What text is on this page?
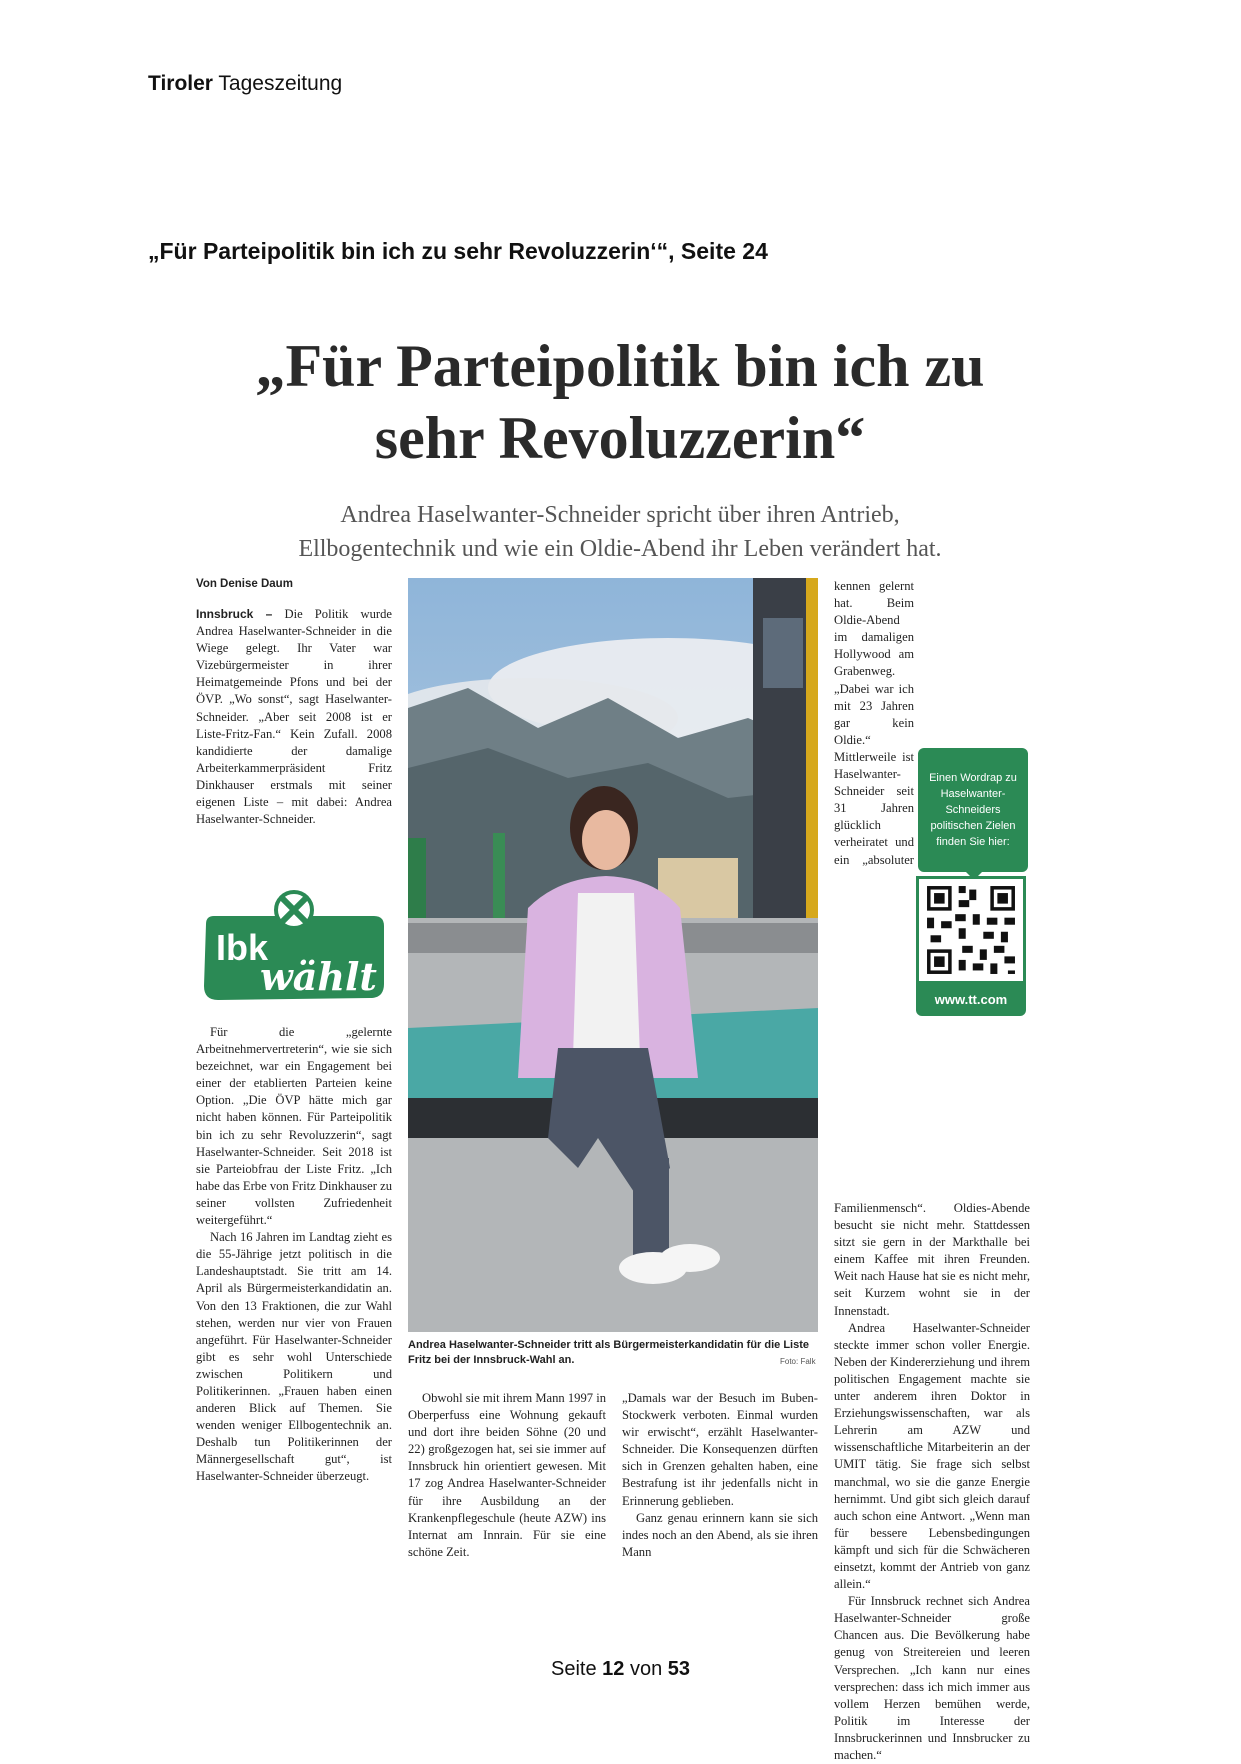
Tiroler Tageszeitung
„Für Parteipolitik bin ich zu sehr Revoluzzerin‘“, Seite 24
„Für Parteipolitik bin ich zu
sehr Revoluzzerin“
Andrea Haselwanter-Schneider spricht über ihren Antrieb,
Ellbogentechnik und wie ein Oldie-Abend ihr Leben verändert hat.
Von Denise Daum

Innsbruck – Die Politik wurde Andrea Haselwanter-Schneider in die Wiege gelegt. Ihr Vater war Vizebürgermeister in ihrer Heimatgemeinde Pfons und bei der ÖVP. „Wo sonst“, sagt Haselwanter-Schneider. „Aber seit 2008 ist er Liste-Fritz-Fan.“ Kein Zufall. 2008 kandidierte der damalige Arbeiterkammerpräsident Fritz Dinkhauser erstmals mit seiner eigenen Liste – mit dabei: Andrea Haselwanter-Schneider.

Ibk
wählt

Für die „gelernte Arbeitnehmervertreterin“, wie sie sich bezeichnet, war ein Engagement bei einer der etablierten Parteien keine Option. „Die ÖVP hätte mich gar nicht haben können. Für Parteipolitik bin ich zu sehr Revoluzzerin“, sagt Haselwanter-Schneider. Seit 2018 ist sie Parteiobfrau der Liste Fritz. „Ich habe das Erbe von Fritz Dinkhauser zu seiner vollsten Zufriedenheit weitergeführt.“

Nach 16 Jahren im Landtag zieht es die 55-Jährige jetzt politisch in die Landeshauptstadt. Sie tritt am 14. April als Bürgermeisterkandidatin an. Von den 13 Fraktionen, die zur Wahl stehen, werden nur vier von Frauen angeführt. Für Haselwanter-Schneider gibt es sehr wohl Unterschiede zwischen Politikern und Politikerinnen. „Frauen haben einen anderen Blick auf Themen. Sie wenden weniger Ellbogentechnik an. Deshalb tun Politikerinnen der Männergesellschaft gut“, ist Haselwanter-Schneider überzeugt.

Andrea Haselwanter-Schneider tritt als Bürgermeisterkandidatin für die Liste Fritz bei der Innsbruck-Wahl an.	Foto: Falk

Obwohl sie mit ihrem Mann 1997 in Oberperfuss eine Wohnung gekauft und dort ihre beiden Söhne (20 und 22) großgezogen hat, sei sie immer auf Innsbruck hin orientiert gewesen. Mit 17 zog Andrea Haselwanter-Schneider für ihre Ausbildung an der Krankenpflegeschule (heute AZW) ins Internat am Innrain. Für sie eine schöne Zeit.

„Damals war der Besuch im Buben-Stockwerk verboten. Einmal wurden wir erwischt“, erzählt Haselwanter-Schneider. Die Konsequenzen dürften sich in Grenzen gehalten haben, eine Bestrafung ist ihr jedenfalls nicht in Erinnerung geblieben.

Ganz genau erinnern kann sie sich indes noch an den Abend, als sie ihren Mann

kennen gelernt hat. Beim Oldie-Abend im damaligen Hollywood am Grabenweg. „Dabei war ich mit 23 Jahren gar kein Oldie.“ Mittlerweile ist Haselwanter-Schneider seit 31 Jahren glücklich verheiratet und ein „absoluter Familienmensch“. Oldies-Abende besucht sie nicht mehr. Stattdessen sitzt sie gern in der Markthalle bei einem Kaffee mit ihren Freunden. Weit nach Hause hat sie es nicht mehr, seit Kurzem wohnt sie in der Innenstadt.

Andrea Haselwanter-Schneider steckte immer schon voller Energie. Neben der Kindererziehung und ihrem politischen Engagement machte sie unter anderem ihren Doktor in Erziehungswissenschaften, war als Lehrerin am AZW und wissenschaftliche Mitarbeiterin an der UMIT tätig. Sie frage sich selbst manchmal, wo sie die ganze Energie hernimmt. Und gibt sich gleich darauf auch schon eine Antwort. „Wenn man für bessere Lebensbedingungen kämpft und sich für die Schwächeren einsetzt, kommt der Antrieb von ganz allein.“

Für Innsbruck rechnet sich Andrea Haselwanter-Schneider große Chancen aus. Die Bevölkerung habe genug von Streitereien und leeren Versprechen. „Ich kann nur eines versprechen: dass ich mich immer aus vollem Herzen bemühen werde, Politik im Interesse der Innsbruckerinnen und Innsbrucker zu machen.“

Einen Wordrap zu Haselwanter-Schneiders politischen Zielen finden Sie hier:
www.tt.com
Seite 12 von 53
